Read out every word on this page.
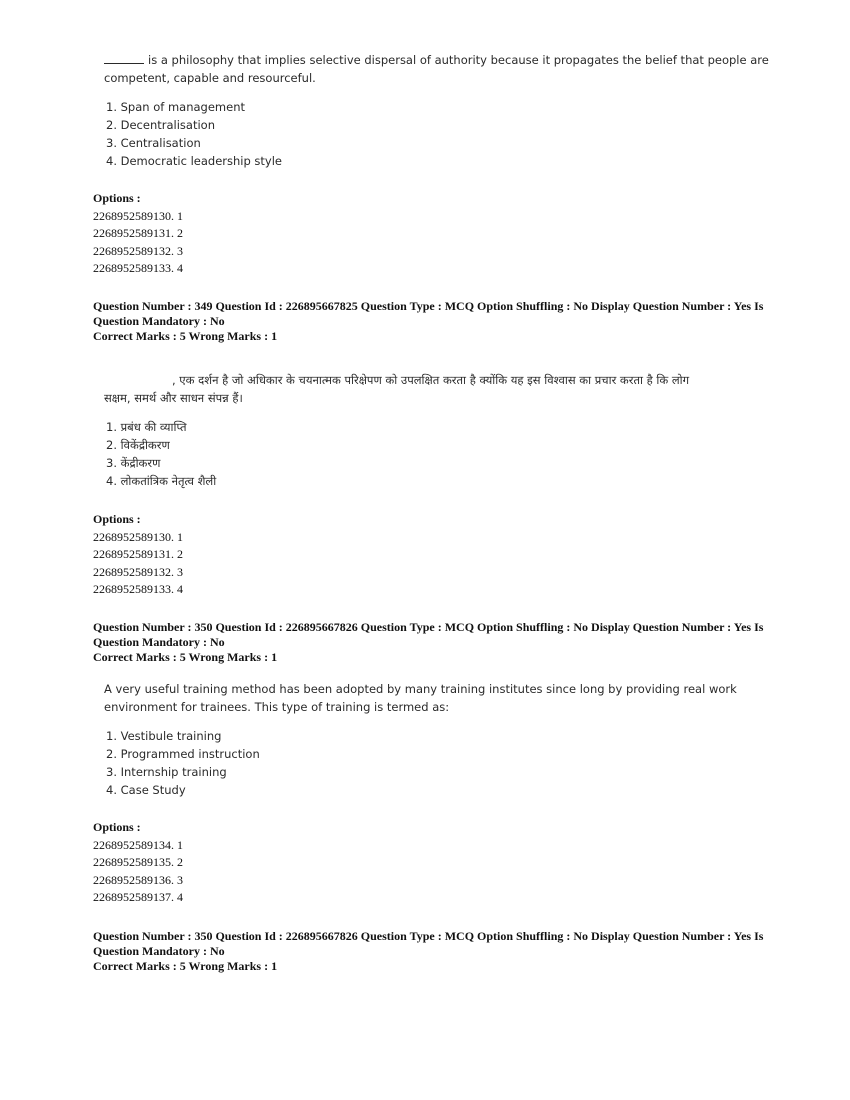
is a philosophy that implies selective dispersal of authority because it propagates the belief that people are
competent, capable and resourceful.
1. Span of management
2. Decentralisation
3. Centralisation
4. Democratic leadership style
Options :
2268952589130. 1
2268952589131. 2
2268952589132. 3
2268952589133. 4
Question Number : 349 Question Id : 226895667825 Question Type : MCQ Option Shuffling : No Display Question Number : Yes Is
Question Mandatory : No
Correct Marks : 5 Wrong Marks : 1
, एक दर्शन है जो अधिकार के चयनात्मक परिक्षेपण को उपलक्षित करता है क्योंकि यह इस विश्वास का प्रचार करता है कि लोग
सक्षम, समर्थ और साधन संपन्न हैं।
1. प्रबंध की व्याप्ति
2. विकेंद्रीकरण
3. केंद्रीकरण
4. लोकतांत्रिक नेतृत्व शैली
Options :
2268952589130. 1
2268952589131. 2
2268952589132. 3
2268952589133. 4
Question Number : 350 Question Id : 226895667826 Question Type : MCQ Option Shuffling : No Display Question Number : Yes Is
Question Mandatory : No
Correct Marks : 5 Wrong Marks : 1
A very useful training method has been adopted by many training institutes since long by providing real work
environment for trainees. This type of training is termed as:
1. Vestibule training
2. Programmed instruction
3. Internship training
4. Case Study
Options :
2268952589134. 1
2268952589135. 2
2268952589136. 3
2268952589137. 4
Question Number : 350 Question Id : 226895667826 Question Type : MCQ Option Shuffling : No Display Question Number : Yes Is
Question Mandatory : No
Correct Marks : 5 Wrong Marks : 1
